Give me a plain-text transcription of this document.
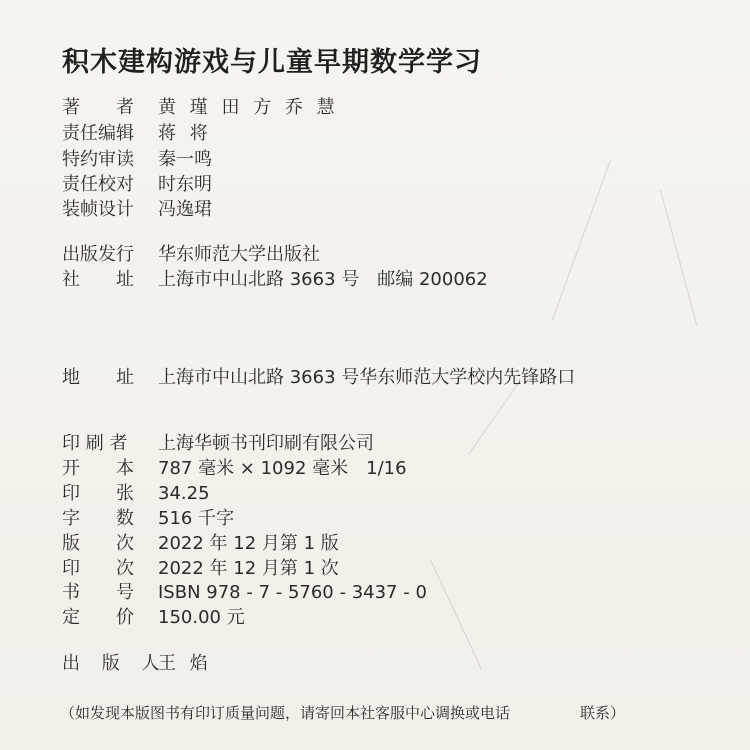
积木建构游戏与儿童早期数学学习
著　　者 黄 瑾 田 方 乔 慧
责任编辑 蒋 将
特约审读 秦一鸣
责任校对 时东明
装帧设计 冯逸珺
出版发行 华东师范大学出版社
社　　址 上海市中山北路 3663 号　邮编 200062
地　　址 上海市中山北路 3663 号华东师范大学校内先锋路口
印 刷 者 上海华顿书刊印刷有限公司
开　　本 787 毫米 × 1092 毫米　1/16
印　　张 34.25
字　　数 516 千字
版　　次 2022 年 12 月第 1 版
印　　次 2022 年 12 月第 1 次
书　　号 ISBN 978 - 7 - 5760 - 3437 - 0
定　　价 150.00 元
出 版 人王 焰
（如发现本版图书有印订质量问题，请寄回本社客服中心调换或电话	联系）
